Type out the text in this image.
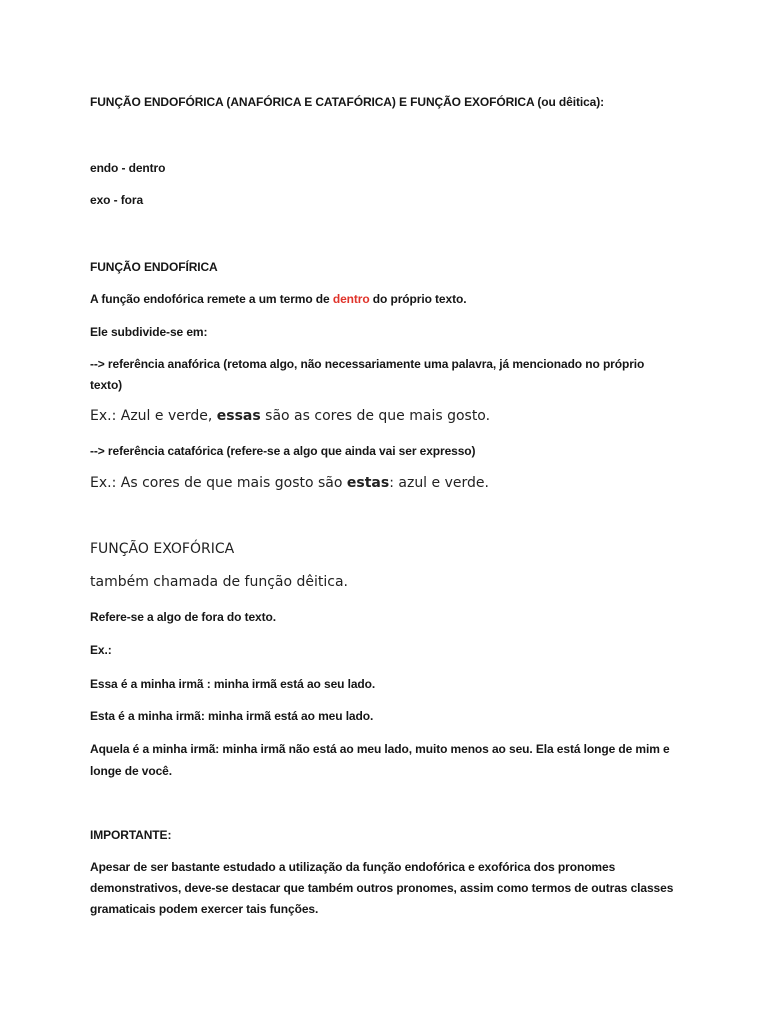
FUNÇÃO ENDOFÓRICA (ANAFÓRICA E CATAFÓRICA) E FUNÇÃO EXOFÓRICA (ou dêitica):
endo - dentro
exo - fora
FUNÇÃO ENDOFÍRICA
A função endofórica remete a um termo de dentro do próprio texto.
Ele subdivide-se em:
--> referência anafórica (retoma algo, não necessariamente uma palavra, já mencionado no próprio
texto)
Ex.: Azul e verde, essas são as cores de que mais gosto.
--> referência catafórica (refere-se a algo que ainda vai ser expresso)
Ex.: As cores de que mais gosto são estas: azul e verde.
FUNÇÃO EXOFÓRICA
também chamada de função dêitica.
Refere-se a algo de fora do texto.
Ex.:
Essa é a minha irmã : minha irmã está ao seu lado.
Esta é a minha irmã: minha irmã está ao meu lado.
Aquela é a minha irmã: minha irmã não está ao meu lado, muito menos ao seu. Ela está longe de mim e
longe de você.
IMPORTANTE:
Apesar de ser bastante estudado a utilização da função endofórica e exofórica dos pronomes
demonstrativos, deve-se destacar que também outros pronomes, assim como termos de outras classes
gramaticais podem exercer tais funções.
